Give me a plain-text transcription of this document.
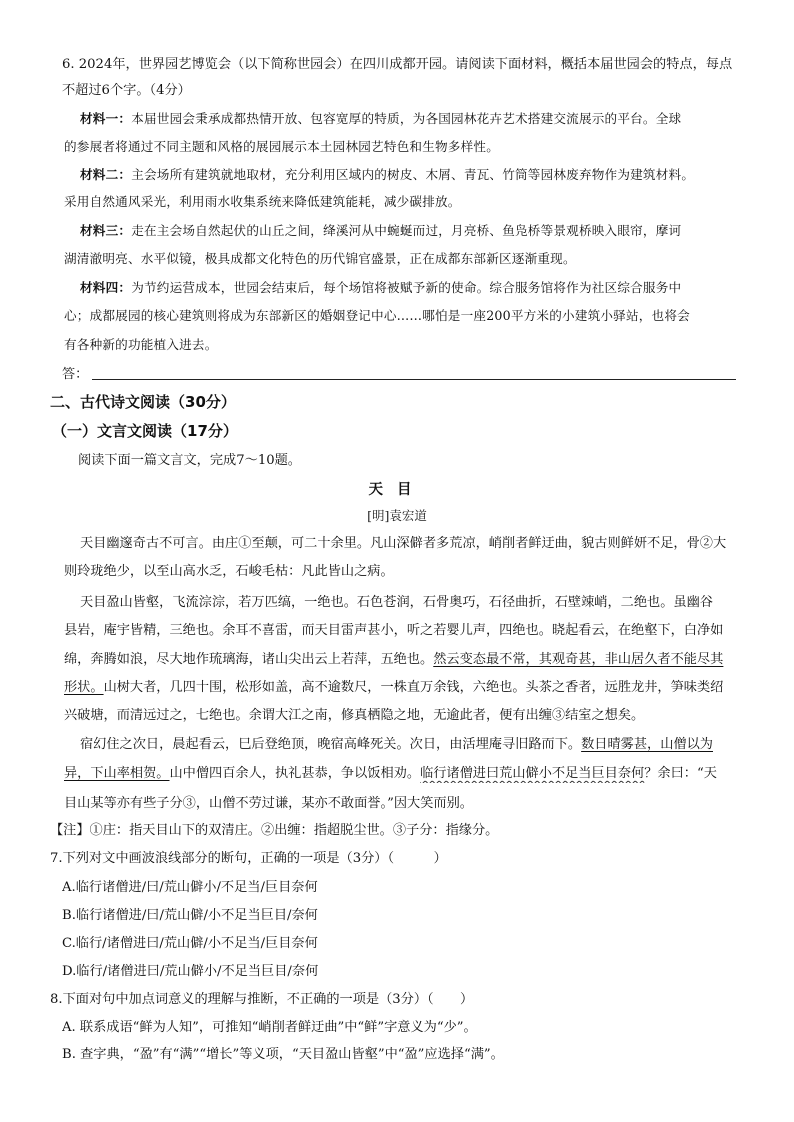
6. 2024年，世界园艺博览会（以下简称世园会）在四川成都开园。请阅读下面材料，概括本届世园会的特点，每点
不超过6个字。（4分）
材料一：本届世园会秉承成都热情开放、包容宽厚的特质，为各国园林花卉艺术搭建交流展示的平台。全球
的参展者将通过不同主题和风格的展园展示本土园林园艺特色和生物多样性。
材料二：主会场所有建筑就地取材，充分利用区域内的树皮、木屑、青瓦、竹筒等园林废弃物作为建筑材料。
采用自然通风采光，利用雨水收集系统来降低建筑能耗，减少碳排放。
材料三：走在主会场自然起伏的山丘之间，绛溪河从中蜿蜒而过，月亮桥、鱼凫桥等景观桥映入眼帘，摩诃
湖清澈明亮、水平似镜，极具成都文化特色的历代锦官盛景，正在成都东部新区逐渐重现。
材料四：为节约运营成本，世园会结束后，每个场馆将被赋予新的使命。综合服务馆将作为社区综合服务中
心；成都展园的核心建筑则将成为东部新区的婚姻登记中心……哪怕是一座200平方米的小建筑小驿站，也将会
有各种新的功能植入进去。
答：
二、古代诗文阅读（30分）
（一）文言文阅读（17分）
阅读下面一篇文言文，完成7～10题。
天目
[明]袁宏道
天目幽邃奇古不可言。由庄①至颠，可二十余里。凡山深僻者多荒凉，峭削者鲜迂曲，貌古则鲜妍不足，骨②大
则玲珑绝少，以至山高水乏，石峻毛枯：凡此皆山之病。
天目盈山皆壑，飞流淙淙，若万匹缟，一绝也。石色苍润，石骨奥巧，石径曲折，石壁竦峭，二绝也。虽幽谷
县岩，庵宇皆精，三绝也。余耳不喜雷，而天目雷声甚小，听之若婴儿声，四绝也。晓起看云，在绝壑下，白净如
绵，奔腾如浪，尽大地作琉璃海，诸山尖出云上若萍，五绝也。然云变态最不常，其观奇甚，非山居久者不能尽其
形状。山树大者，几四十围，松形如盖，高不逾数尺，一株直万余钱，六绝也。头茶之香者，远胜龙井，笋味类绍
兴破塘，而清远过之，七绝也。余谓大江之南，修真栖隐之地，无逾此者，便有出缠③结室之想矣。
宿幻住之次日，晨起看云，巳后登绝顶，晚宿高峰死关。次日，由活埋庵寻旧路而下。数日晴雾甚，山僧以为
异，下山率相贺。山中僧四百余人，执礼甚恭，争以饭相劝。临行诸僧进曰荒山僻小不足当巨目奈何？余曰：“天
目山某等亦有些子分③，山僧不劳过谦，某亦不敢面誉。”因大笑而别。
【注】①庄：指天目山下的双清庄。②出缠：指超脱尘世。③子分：指缘分。
7.下列对文中画波浪线部分的断句，正确的一项是（3分）（　　　）
A.临行诸僧进/曰/荒山僻小/不足当/巨目奈何
B.临行诸僧进/曰/荒山僻/小不足当巨目/奈何
C.临行/诸僧进曰/荒山僻/小不足当/巨目奈何
D.临行/诸僧进曰/荒山僻小/不足当巨目/奈何
8.下面对句中加点词意义的理解与推断，不正确的一项是（3分）（　　）
A. 联系成语“鲜为人知”，可推知“峭削者鲜迂曲”中“鲜”字意义为“少”。
B. 查字典，“盈”有“满”“增长”等义项，“天目盈山皆壑”中“盈”应选择“满”。
